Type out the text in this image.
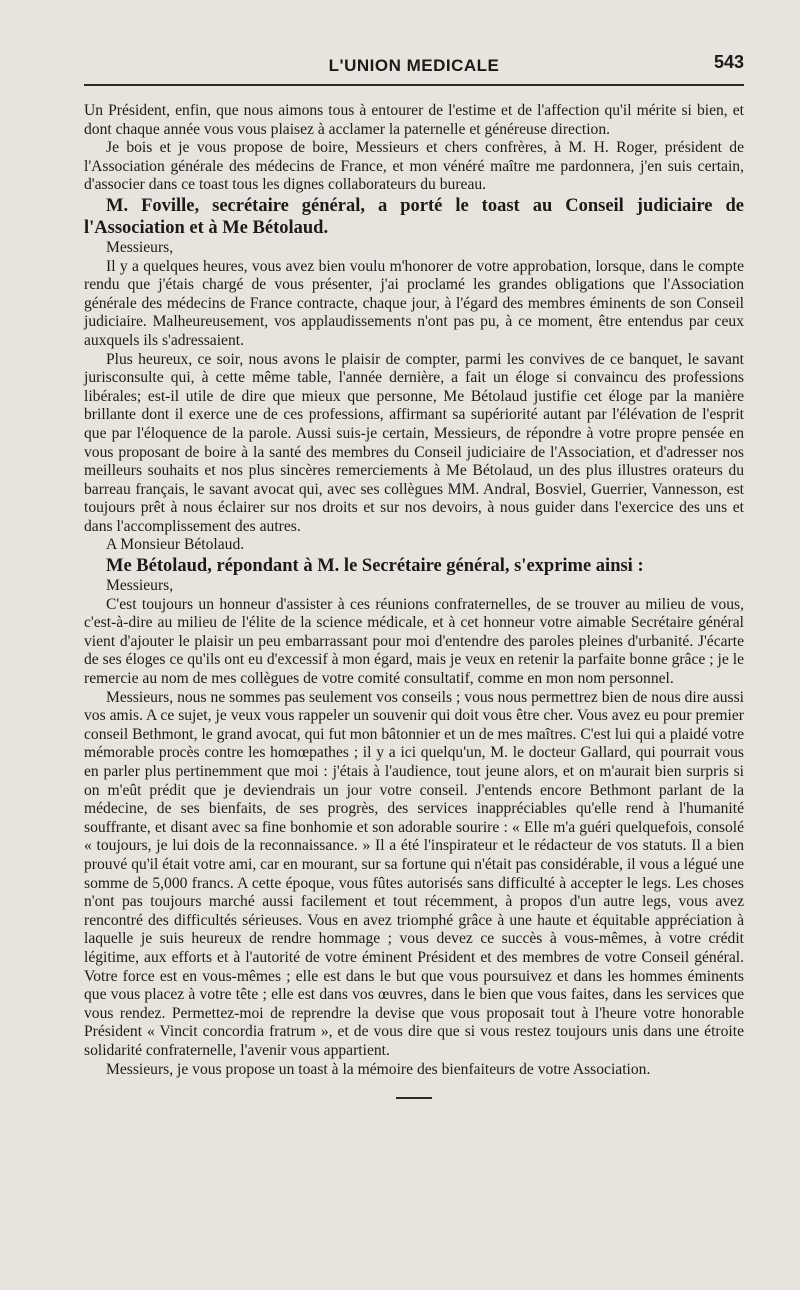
L'UNION MEDICALE	543

Un Président, enfin, que nous aimons tous à entourer de l'estime et de l'affection qu'il mérite si bien, et dont chaque année vous vous plaisez à acclamer la paternelle et généreuse direction.

Je bois et je vous propose de boire, Messieurs et chers confrères, à M. H. Roger, président de l'Association générale des médecins de France, et mon vénéré maître me pardonnera, j'en suis certain, d'associer dans ce toast tous les dignes collaborateurs du bureau.

M. Foville, secrétaire général, a porté le toast au Conseil judiciaire de l'Association et à Me Bétolaud.

Messieurs,

Il y a quelques heures, vous avez bien voulu m'honorer de votre approbation, lorsque, dans le compte rendu que j'étais chargé de vous présenter, j'ai proclamé les grandes obligations que l'Association générale des médecins de France contracte, chaque jour, à l'égard des membres éminents de son Conseil judiciaire. Malheureusement, vos applaudissements n'ont pas pu, à ce moment, être entendus par ceux auxquels ils s'adressaient.

Plus heureux, ce soir, nous avons le plaisir de compter, parmi les convives de ce banquet, le savant jurisconsulte qui, à cette même table, l'année dernière, a fait un éloge si convaincu des professions libérales; est-il utile de dire que mieux que personne, Me Bétolaud justifie cet éloge par la manière brillante dont il exerce une de ces professions, affirmant sa supériorité autant par l'élévation de l'esprit que par l'éloquence de la parole. Aussi suis-je certain, Messieurs, de répondre à votre propre pensée en vous proposant de boire à la santé des membres du Conseil judiciaire de l'Association, et d'adresser nos meilleurs souhaits et nos plus sincères remerciements à Me Bétolaud, un des plus illustres orateurs du barreau français, le savant avocat qui, avec ses collègues MM. Andral, Bosviel, Guerrier, Vannesson, est toujours prêt à nous éclairer sur nos droits et sur nos devoirs, à nous guider dans l'exercice des uns et dans l'accomplissement des autres.

A Monsieur Bétolaud.

Me Bétolaud, répondant à M. le Secrétaire général, s'exprime ainsi :

Messieurs,

C'est toujours un honneur d'assister à ces réunions confraternelles, de se trouver au milieu de vous, c'est-à-dire au milieu de l'élite de la science médicale, et à cet honneur votre aimable Secrétaire général vient d'ajouter le plaisir un peu embarrassant pour moi d'entendre des paroles pleines d'urbanité. J'écarte de ses éloges ce qu'ils ont eu d'excessif à mon égard, mais je veux en retenir la parfaite bonne grâce ; je le remercie au nom de mes collègues de votre comité consultatif, comme en mon nom personnel.

Messieurs, nous ne sommes pas seulement vos conseils ; vous nous permettrez bien de nous dire aussi vos amis. A ce sujet, je veux vous rappeler un souvenir qui doit vous être cher. Vous avez eu pour premier conseil Bethmont, le grand avocat, qui fut mon bâtonnier et un de mes maîtres. C'est lui qui a plaidé votre mémorable procès contre les homœpathes ; il y a ici quelqu'un, M. le docteur Gallard, qui pourrait vous en parler plus pertinemment que moi : j'étais à l'audience, tout jeune alors, et on m'aurait bien surpris si on m'eût prédit que je deviendrais un jour votre conseil. J'entends encore Bethmont parlant de la médecine, de ses bienfaits, de ses progrès, des services inappréciables qu'elle rend à l'humanité souffrante, et disant avec sa fine bonhomie et son adorable sourire : « Elle m'a guéri quelquefois, consolé « toujours, je lui dois de la reconnaissance. » Il a été l'inspirateur et le rédacteur de vos statuts. Il a bien prouvé qu'il était votre ami, car en mourant, sur sa fortune qui n'était pas considérable, il vous a légué une somme de 5,000 francs. A cette époque, vous fûtes autorisés sans difficulté à accepter le legs. Les choses n'ont pas toujours marché aussi facilement et tout récemment, à propos d'un autre legs, vous avez rencontré des difficultés sérieuses. Vous en avez triomphé grâce à une haute et équitable appréciation à laquelle je suis heureux de rendre hommage ; vous devez ce succès à vous-mêmes, à votre crédit légitime, aux efforts et à l'autorité de votre éminent Président et des membres de votre Conseil général. Votre force est en vous-mêmes ; elle est dans le but que vous poursuivez et dans les hommes éminents que vous placez à votre tête ; elle est dans vos œuvres, dans le bien que vous faites, dans les services que vous rendez. Permettez-moi de reprendre la devise que vous proposait tout à l'heure votre honorable Président « Vincit concordia fratrum », et de vous dire que si vous restez toujours unis dans une étroite solidarité confraternelle, l'avenir vous appartient.

Messieurs, je vous propose un toast à la mémoire des bienfaiteurs de votre Association.
